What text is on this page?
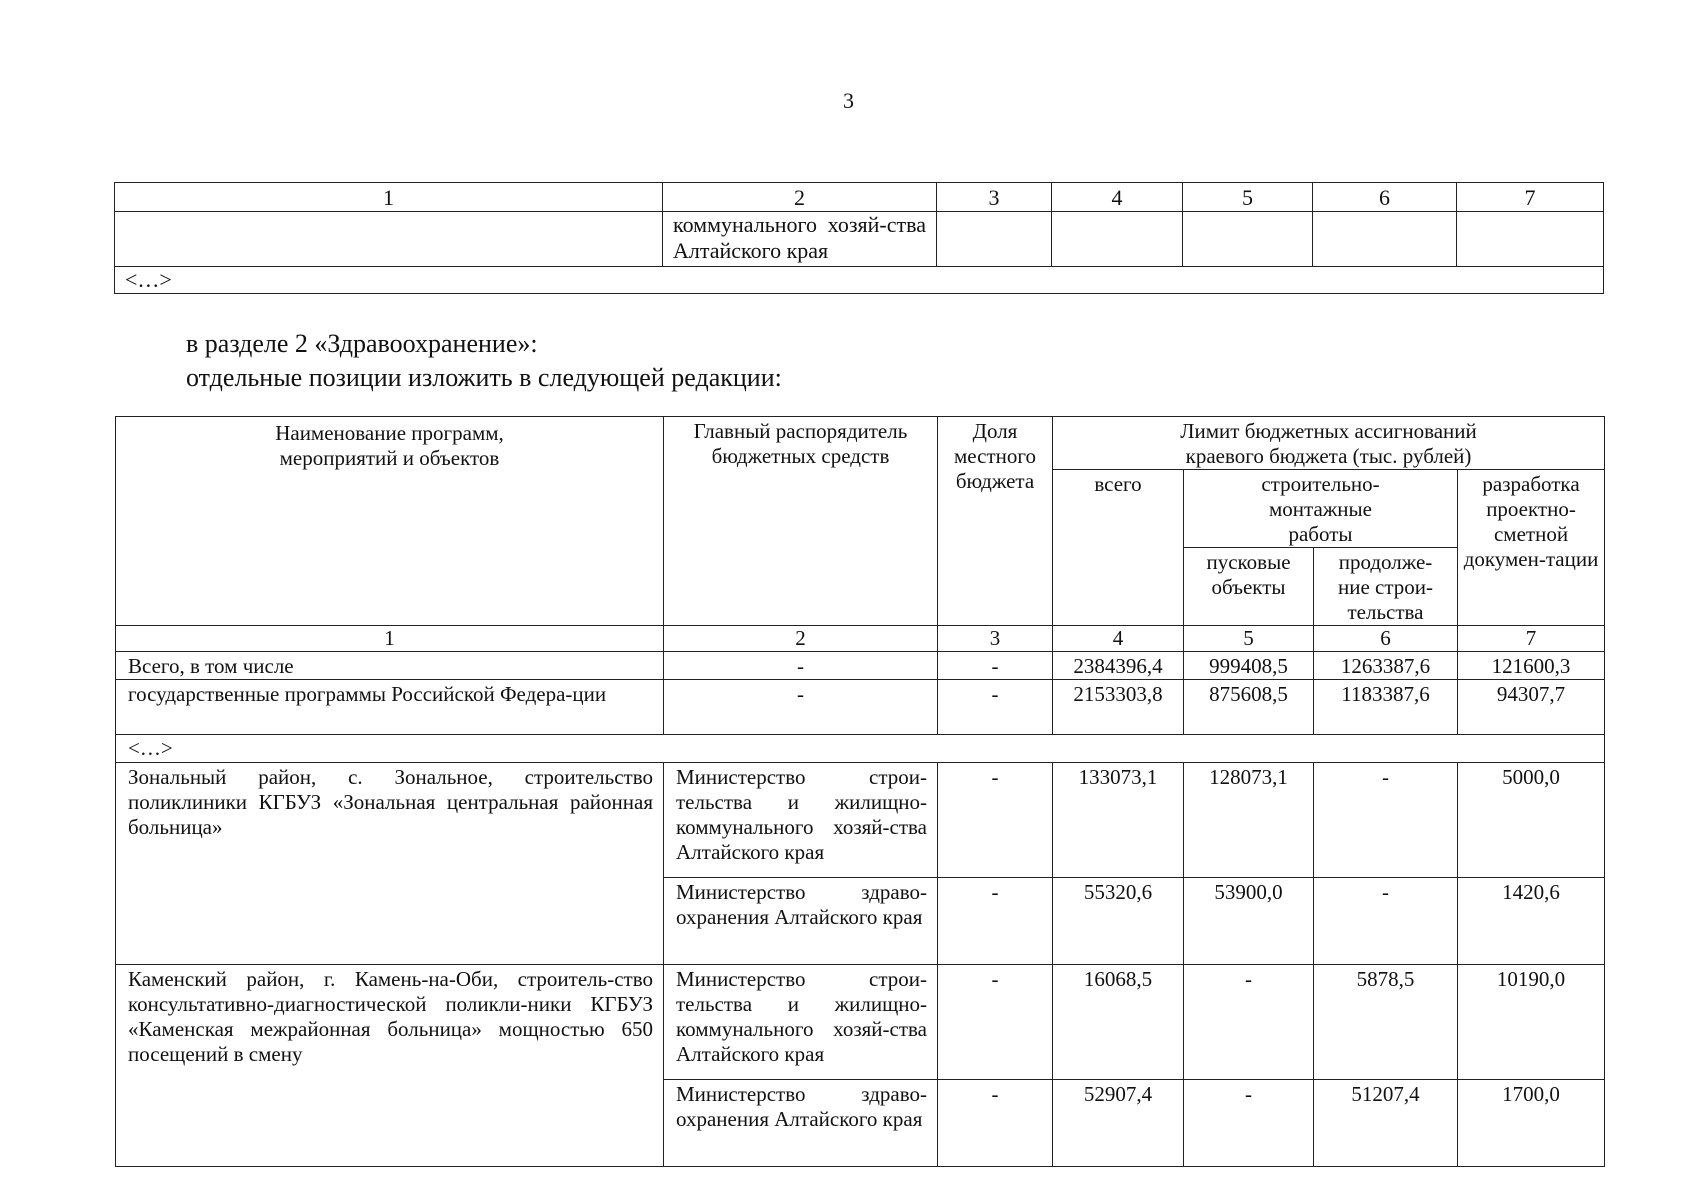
3
1	2	3	4	5	6	7
	коммунального хозяй-ства Алтайского края					
<…>						
в разделе 2 «Здравоохранение»:
отдельные позиции изложить в следующей редакции:
Наименование программ, мероприятий и объектов	Главный распорядитель бюджетных средств	Доля местного бюджета	Лимит бюджетных ассигнований краевого бюджета (тыс. рублей)			
			всего	строительно-монтажные работы		разработка проектно-сметной докумен-тации
				пусковые объекты	продолже-ние строи-тельства	
1	2	3	4	5	6	7
Всего, в том числе	-	-	2384396,4	999408,5	1263387,6	121600,3
государственные программы Российской Федера-ции	-	-	2153303,8	875608,5	1183387,6	94307,7
<…>						
Зональный район, с. Зональное, строительство поликлиники КГБУЗ «Зональная центральная районная больница»	Министерство строи-тельства и жилищно-коммунального хозяй-ства Алтайского края	-	133073,1	128073,1	-	5000,0
	Министерство здраво-охранения Алтайского края	-	55320,6	53900,0	-	1420,6
Каменский район, г. Камень-на-Оби, строитель-ство консультативно-диагностической поликли-ники КГБУЗ «Каменская межрайонная больница» мощностью 650 посещений в смену	Министерство строи-тельства и жилищно-коммунального хозяй-ства Алтайского края	-	16068,5	-	5878,5	10190,0
	Министерство здраво-охранения Алтайского края	-	52907,4	-	51207,4	1700,0
